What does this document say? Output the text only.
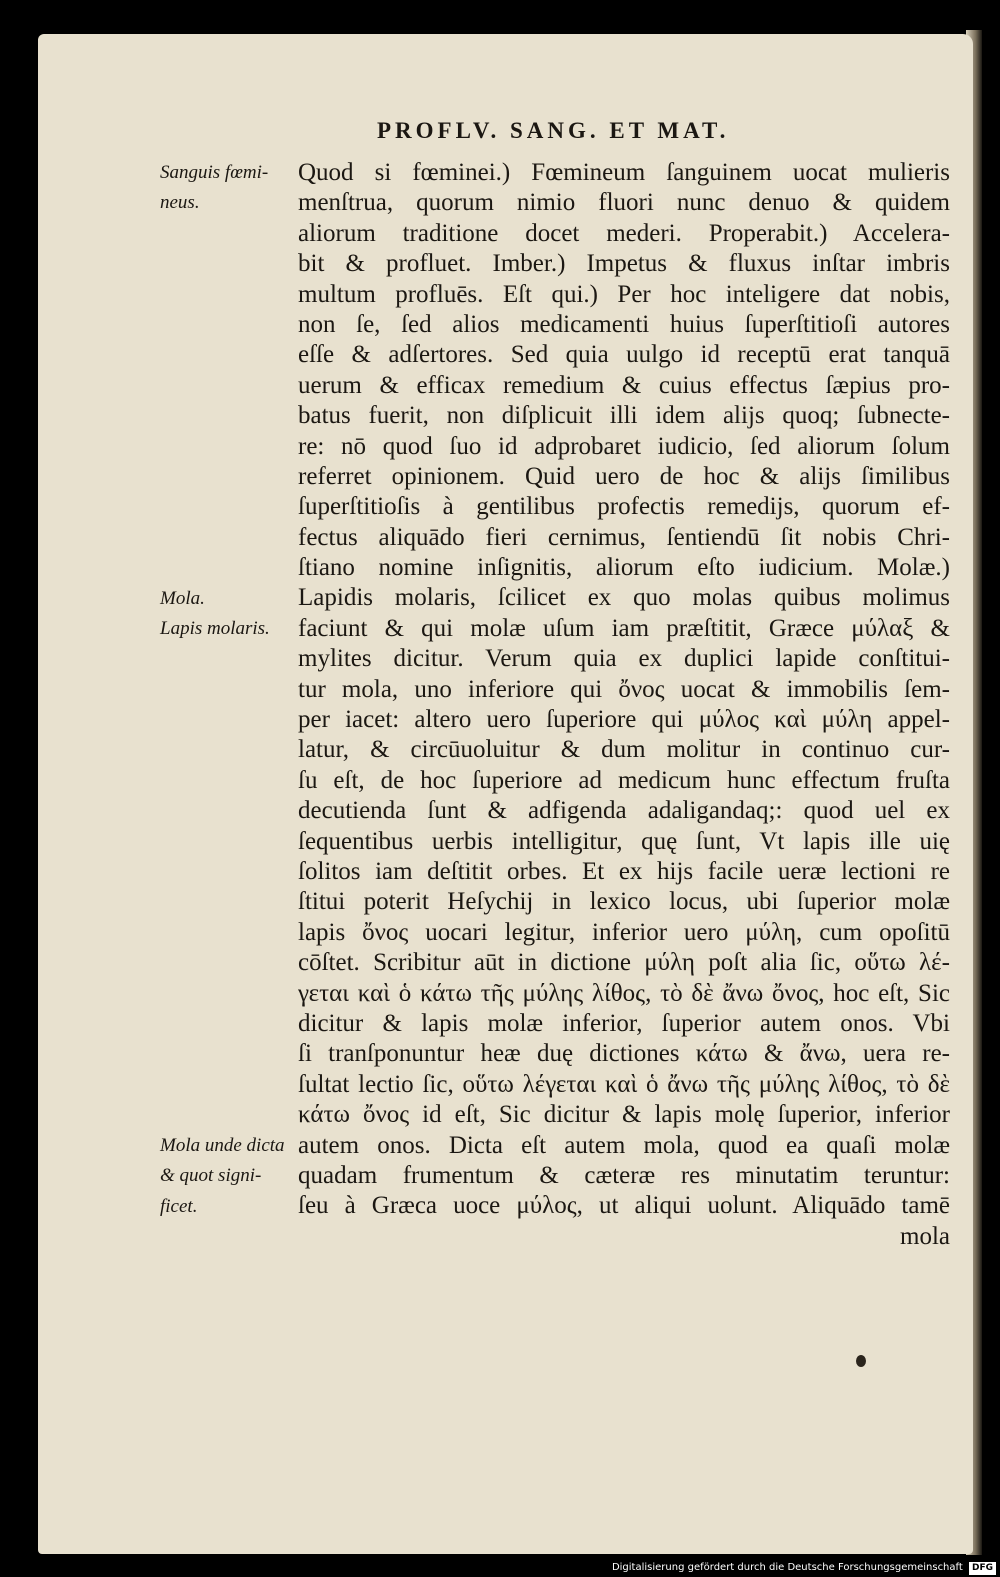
PROFLV. SANG. ET MAT.
Sanguis fœmi-
neus.
Mola.
Lapis molaris.
Mola unde dicta
& quot signi-
ficet.
Quod si fœminei.) Fœmineum ſanguinem uocat mulieris
menſtrua, quorum nimio fluori nunc denuo & quidem
aliorum traditione docet mederi. Properabit.) Accelera-
bit & profluet. Imber.) Impetus & fluxus inſtar imbris
multum profluēs. Eſt qui.) Per hoc inteligere dat nobis,
non ſe, ſed alios medicamenti huius ſuperſtitioſi autores
eſſe & adſertores. Sed quia uulgo id receptū erat tanquā
uerum & efficax remedium & cuius effectus ſæpius pro-
batus fuerit, non diſplicuit illi idem alijs quoq; ſubnecte-
re: nō quod ſuo id adprobaret iudicio, ſed aliorum ſolum
referret opinionem. Quid uero de hoc & alijs ſimilibus
ſuperſtitioſis à gentilibus profectis remedijs, quorum ef-
fectus aliquādo fieri cernimus, ſentiendū ſit nobis Chri-
ſtiano nomine inſignitis, aliorum eſto iudicium. Molæ.)
Lapidis molaris, ſcilicet ex quo molas quibus molimus
faciunt & qui molæ uſum iam præſtitit, Græce μύλαξ &
mylites dicitur. Verum quia ex duplici lapide conſtitui-
tur mola, uno inferiore qui ὄνος uocat & immobilis ſem-
per iacet: altero uero ſuperiore qui μύλος καὶ μύλη appel-
latur, & circūuoluitur & dum molitur in continuo cur-
ſu eſt, de hoc ſuperiore ad medicum hunc effectum fruſta
decutienda ſunt & adfigenda adaligandaq;: quod uel ex
ſequentibus uerbis intelligitur, quę ſunt, Vt lapis ille uię
ſolitos iam deſtitit orbes. Et ex hijs facile ueræ lectioni re
ſtitui poterit Heſychij in lexico locus, ubi ſuperior molæ
lapis ὄνος uocari legitur, inferior uero μύλη, cum opoſitū
cōſtet. Scribitur aūt in dictione μύλη poſt alia ſic, οὕτω λέ-
γεται καὶ ὁ κάτω τῆς μύλης λίθος, τὸ δὲ ἄνω ὄνος, hoc eſt, Sic
dicitur & lapis molæ inferior, ſuperior autem onos. Vbi
ſi tranſponuntur heæ duę dictiones κάτω & ἄνω, uera re-
ſultat lectio ſic, οὕτω λέγεται καὶ ὁ ἄνω τῆς μύλης λίθος, τὸ δὲ
κάτω ὄνος id eſt, Sic dicitur & lapis molę ſuperior, inferior
autem onos. Dicta eſt autem mola, quod ea quaſi molæ
quadam frumentum & cæteræ res minutatim teruntur:
ſeu à Græca uoce μύλος, ut aliqui uolunt. Aliquādo tamē
mola
Digitalisierung gefördert durch die Deutsche Forschungsgemeinschaft DFG
